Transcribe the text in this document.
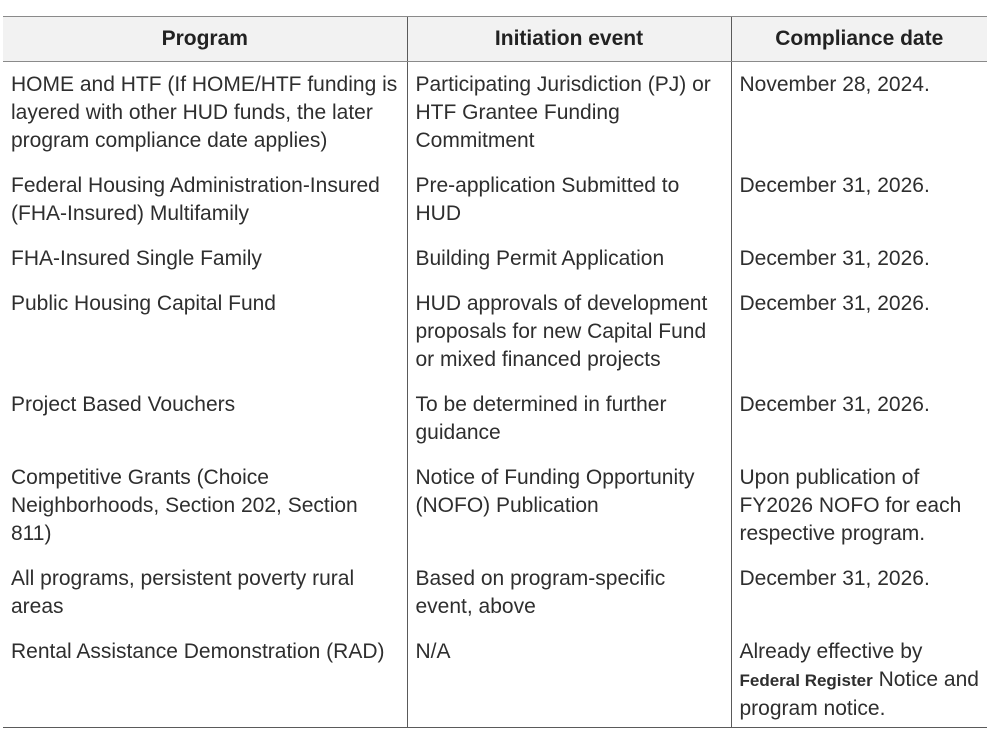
Program	Initiation event	Compliance date
HOME and HTF (If HOME/HTF funding is layered with other HUD funds, the later program compliance date applies)	Participating Jurisdiction (PJ) or HTF Grantee Funding Commitment	November 28, 2024.
Federal Housing Administration-Insured (FHA-Insured) Multifamily	Pre-application Submitted to HUD	December 31, 2026.
FHA-Insured Single Family	Building Permit Application	December 31, 2026.
Public Housing Capital Fund	HUD approvals of development proposals for new Capital Fund or mixed financed projects	December 31, 2026.
Project Based Vouchers	To be determined in further guidance	December 31, 2026.
Competitive Grants (Choice Neighborhoods, Section 202, Section 811)	Notice of Funding Opportunity (NOFO) Publication	Upon publication of FY2026 NOFO for each respective program.
All programs, persistent poverty rural areas	Based on program-specific event, above	December 31, 2026.
Rental Assistance Demonstration (RAD)	N/A	Already effective by Federal Register Notice and program notice.
